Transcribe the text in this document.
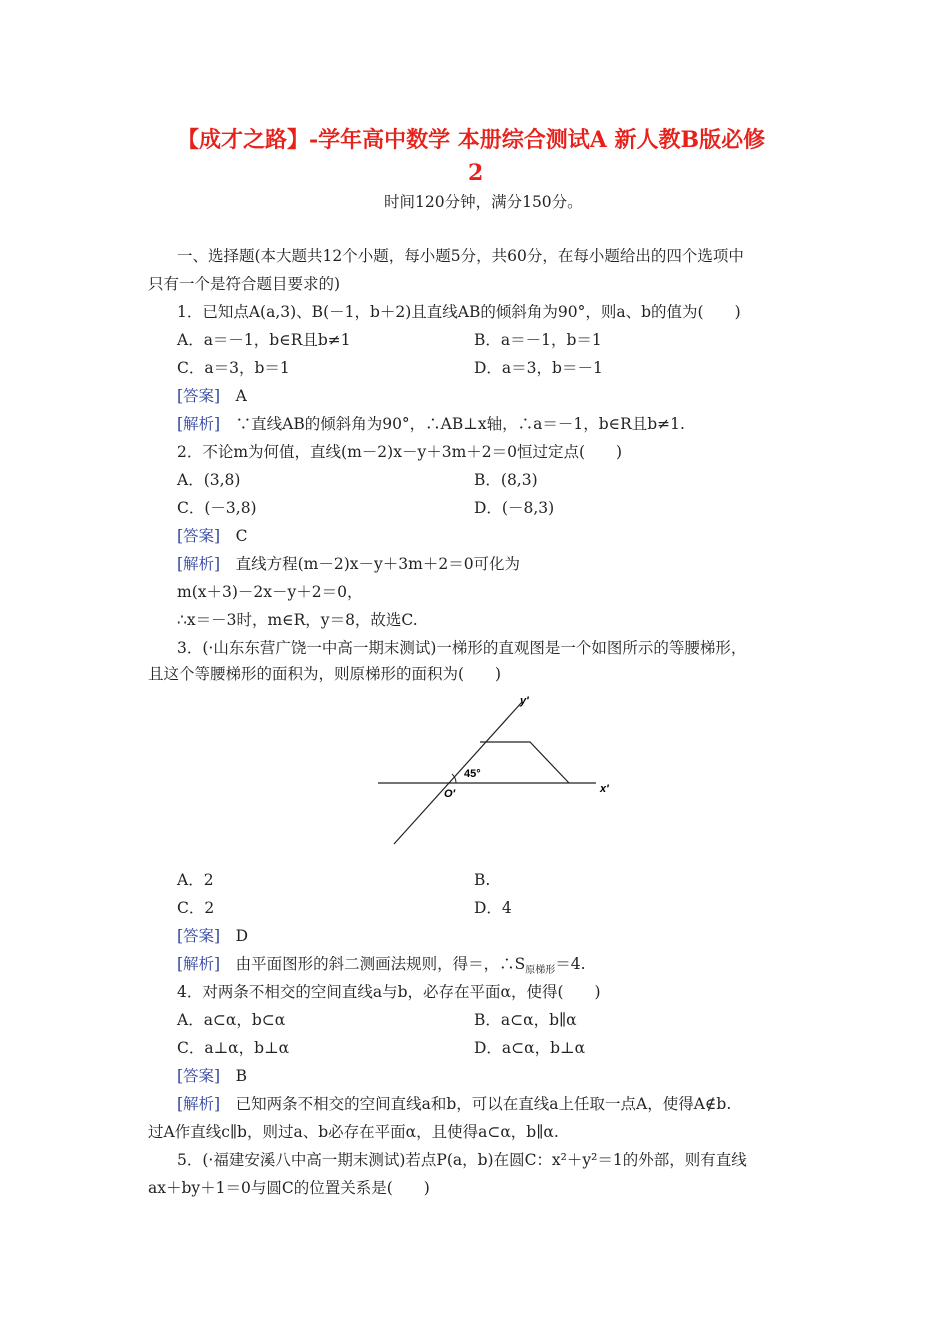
【成才之路】-学年高中数学 本册综合测试A 新人教B版必修
2
时间120分钟，满分150分。
一、选择题(本大题共12个小题，每小题5分，共60分，在每小题给出的四个选项中
只有一个是符合题目要求的)
1．已知点A(a,3)、B(－1，b＋2)且直线AB的倾斜角为90°，则a、b的值为(　　)
A．a＝－1，b∈R且b≠1	B．a＝－1，b＝1
C．a＝3，b＝1	D．a＝3，b＝－1
[答案]　 A
[解析]　 ∵直线AB的倾斜角为90°，∴AB⊥x轴，∴a＝－1，b∈R且b≠1.
2．不论m为何值，直线(m－2)x－y＋3m＋2＝0恒过定点(　　)
A．(3,8)	B．(8,3)
C．(－3,8)	D．(－8,3)
[答案]　 C
[解析]　 直线方程(m－2)x－y＋3m＋2＝0可化为
m(x＋3)－2x－y＋2＝0，
∴x＝－3时，m∈R，y＝8，故选C.
3．(·山东东营广饶一中高一期末测试)一梯形的直观图是一个如图所示的等腰梯形，
且这个等腰梯形的面积为，则原梯形的面积为(　　)
45°
O′	x′
y′
A．2	B.
C．2	D．4
[答案]　 D
[解析]　 由平面图形的斜二测画法规则，得＝，$\therefore S_{原梯形}=4$.
4．对两条不相交的空间直线a与b，必存在平面α，使得(　　)
A．a⊂α，b⊂α	B．a⊂α，b∥α
C．a⊥α，b⊥α	D．a⊂α，b⊥α
[答案]　 B
[解析]　 已知两条不相交的空间直线a和b，可以在直线a上任取一点A，使得A∉b.
过A作直线c∥b，则过a、b必存在平面α，且使得a⊂α，b∥α.
5．(·福建安溪八中高一期末测试)若点P(a，b)在圆C：x²＋y²＝1的外部，则有直线
ax＋by＋1＝0与圆C的位置关系是(　　)
